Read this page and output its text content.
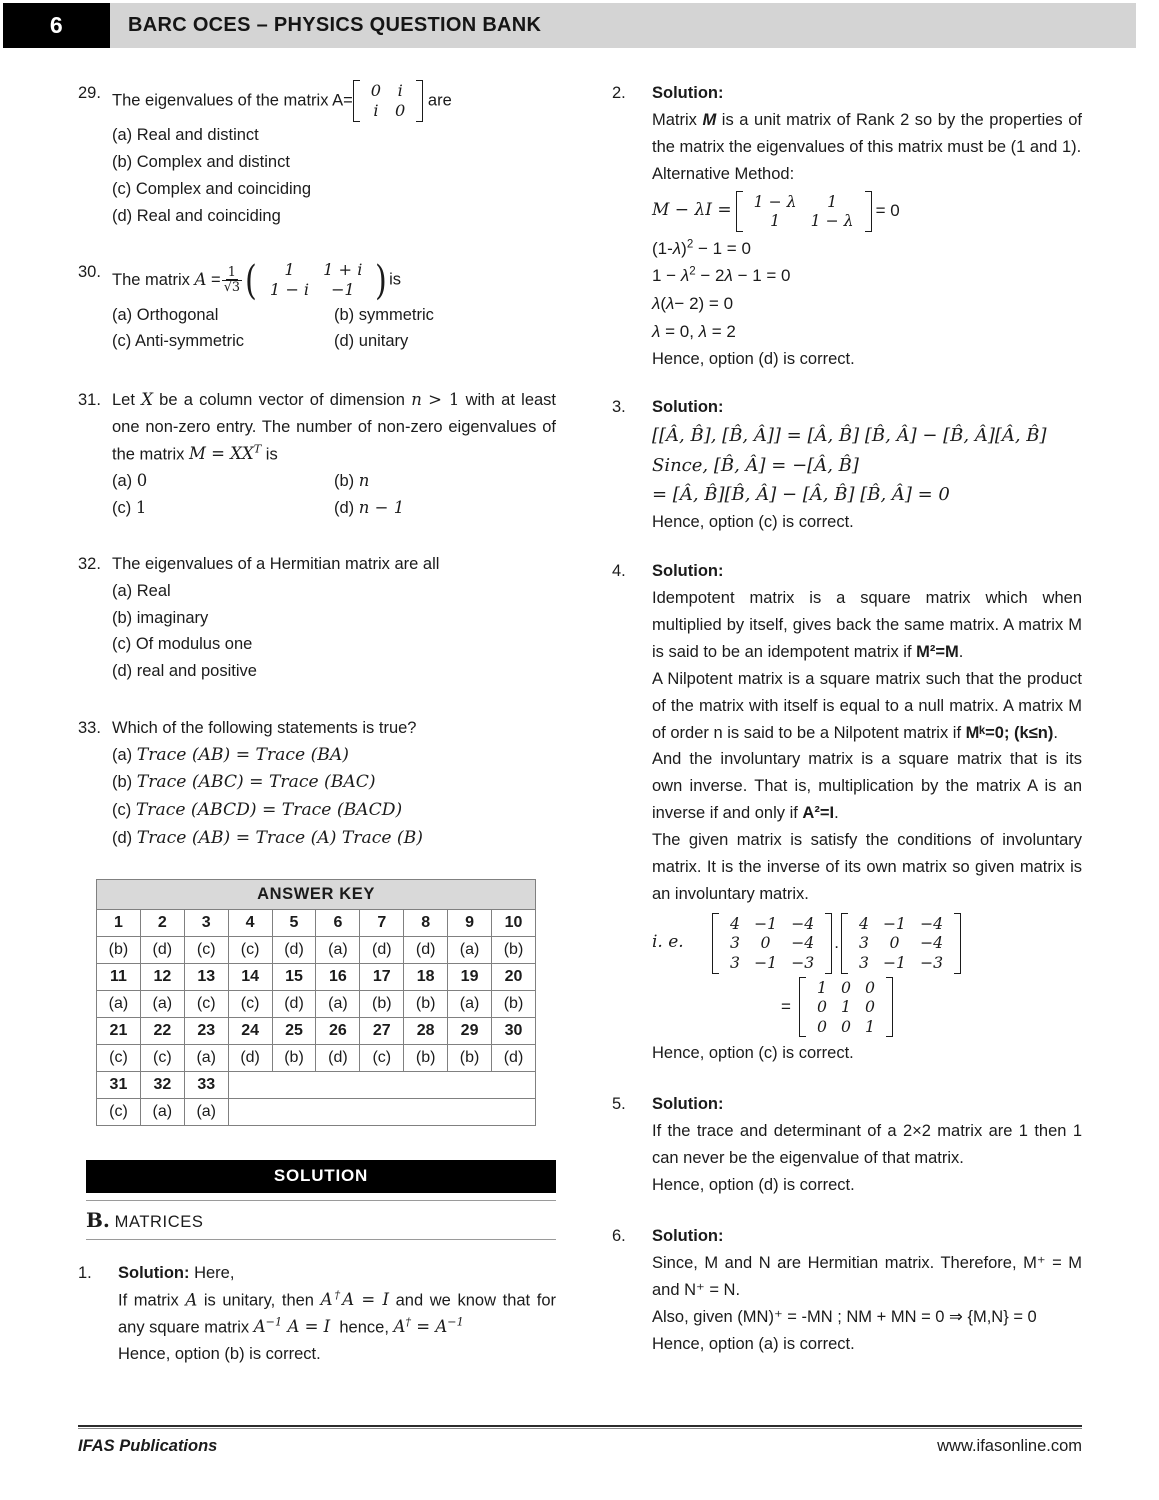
6	BARC OCES – PHYSICS QUESTION BANK
29. The eigenvalues of the matrix A=
0	i
i	0
are
(a) Real and distinct
(b) Complex and distinct
(c) Complex and coinciding
(d) Real and coinciding
30. The matrix $A = \frac{1}{√3}$ (	1	1 + i
1 − i	−1 ) is
(a) Orthogonal	(b) symmetric
(c) Anti-symmetric	(d) unitary
31. Let X be a column vector of dimension n > 1 with at least one non-zero entry. The number of non-zero eigenvalues of the matrix $M = XX^T$ is
(a) 0	(b) n
(c) 1	(d) n − 1
32. The eigenvalues of a Hermitian matrix are all
(a) Real
(b) imaginary
(c) Of modulus one
(d) real and positive
33. Which of the following statements is true?
(a) Trace (AB) = Trace (BA)
(b) Trace (ABC) = Trace (BAC)
(c) Trace (ABCD) = Trace (BACD)
(d) Trace (AB) = Trace (A) Trace (B)
ANSWER KEY									
1	2	3	4	5	6	7	8	9	10
(b)	(d)	(c)	(c)	(d)	(a)	(d)	(d)	(a)	(b)
11	12	13	14	15	16	17	18	19	20
(a)	(a)	(c)	(c)	(d)	(a)	(b)	(b)	(a)	(b)
21	22	23	24	25	26	27	28	29	30
(c)	(c)	(a)	(d)	(b)	(d)	(c)	(b)	(b)	(d)
31	32	33							
(c)	(a)	(a)							
SOLUTION
B. MATRICES
1.	Solution: Here,

If matrix A is unitary, then A†A = I and we know that for any square matrix $A^{-1}$ A = I  hence, $A^\dagger = A^{-1}$

Hence, option (b) is correct.

2.	Solution:

Matrix M is a unit matrix of Rank 2 so by the properties of the matrix the eigenvalues of this matrix must be (1 and 1).

Alternative Method:

M − λI =	1 − λ	1
1	1 − λ
= 0

$(1-\lambda)^2 - 1 = 0$

$1 - \lambda^2 - 2\lambda - 1 = 0$

λ(λ− 2) = 0

λ = 0, λ = 2

Hence, option (d) is correct.

3.	Solution:

[[Â, B̂], [B̂, Â]] = [Â, B̂] [B̂, Â] − [B̂, Â][Â, B̂]

Since, [B̂, Â] = −[Â, B̂]

= [Â, B̂][B̂, Â] − [Â, B̂] [B̂, Â] = 0

Hence, option (c) is correct.

4.	Solution:

Idempotent matrix is a square matrix which when multiplied by itself, gives back the same matrix. A matrix M is said to be an idempotent matrix if M²=M.

A Nilpotent matrix is a square matrix such that the product of the matrix with itself is equal to a null matrix. A matrix M of order n is said to be a Nilpotent matrix if Mᵏ=0; (k≤n).

And the involuntary matrix is a square matrix that is its own inverse. That is, multiplication by the matrix A is an inverse if and only if A²=I.

The given matrix is satisfy the conditions of involuntary matrix. It is the inverse of its own matrix so given matrix is an involuntary matrix.

i. e.
4 −1 −4
3	0	−4
3 −1 −3
.
4 −1 −4
3	0	−4
3 −1 −3
=
1 0 0
0 1 0
0 0 1

Hence, option (c) is correct.

5.	Solution:

If the trace and determinant of a 2×2 matrix are 1 then 1 can never be the eigenvalue of that matrix.

Hence, option (d) is correct.

6.	Solution:

Since, M and N are Hermitian matrix. Therefore, M⁺ = M and N⁺ = N.

Also, given (MN)⁺ = -MN ; NM + MN = 0 ⇒ {M,N} = 0

Hence, option (a) is correct.

IFAS Publications	www.ifasonline.com
